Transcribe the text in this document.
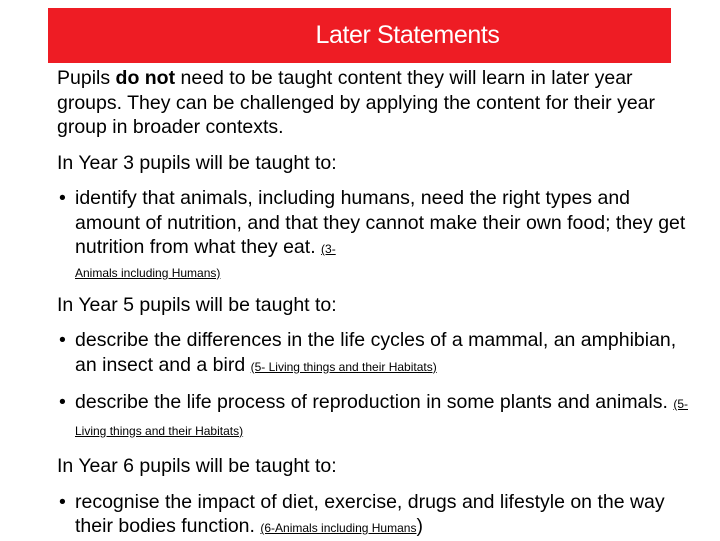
Later Statements

Pupils do not need to be taught content they will learn in later year groups. They can be challenged by applying the content for their year group in broader contexts.

In Year 3 pupils will be taught to:

• identify that animals, including humans, need the right types and amount of nutrition, and that they cannot make their own food; they get nutrition from what they eat. (3-
Animals including Humans)

In Year 5 pupils will be taught to:

• describe the differences in the life cycles of a mammal, an amphibian, an insect and a bird (5- Living things and their Habitats)

• describe the life process of reproduction in some plants and animals. (5- Living things and their Habitats)

In Year 6 pupils will be taught to:

• recognise the impact of diet, exercise, drugs and lifestyle on the way their bodies function. (6-Animals including Humans)
